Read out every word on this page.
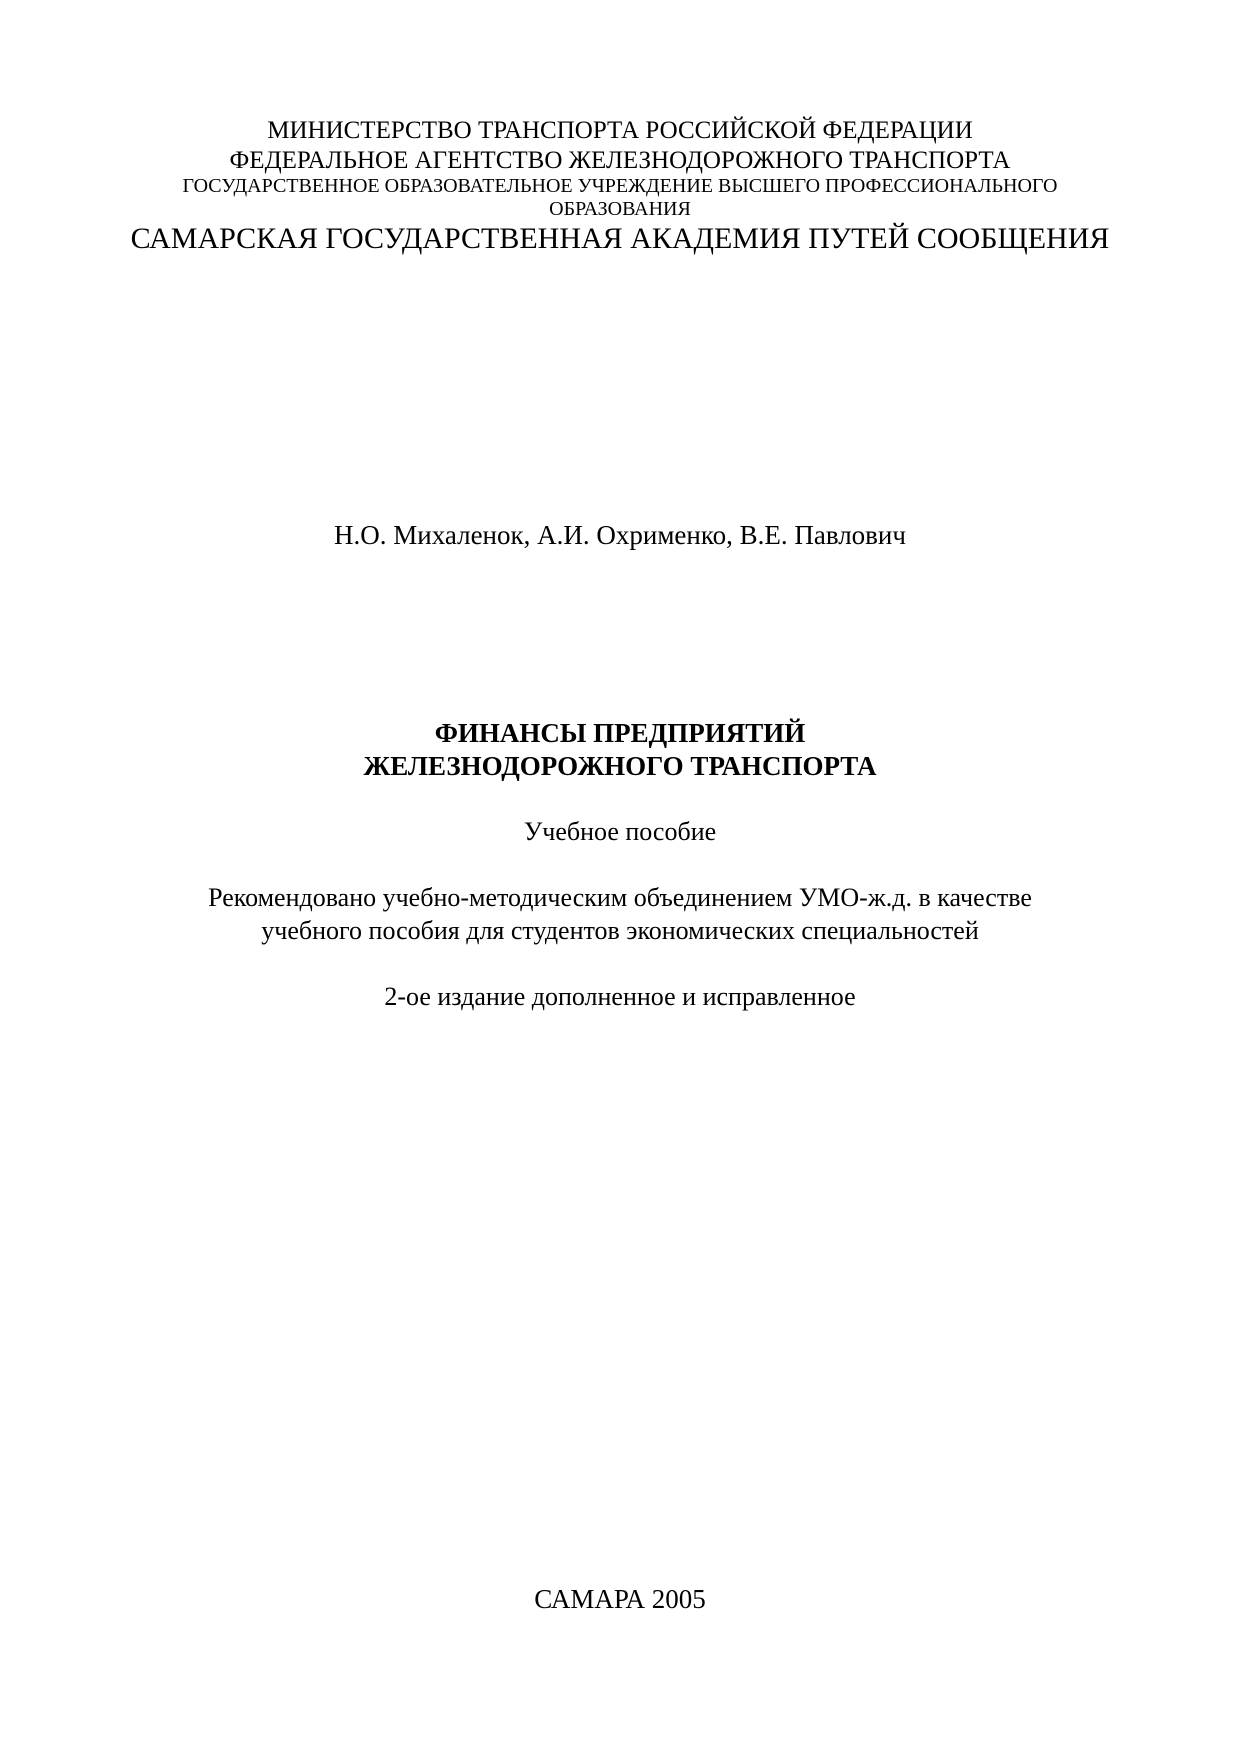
МИНИСТЕРСТВО ТРАНСПОРТА РОССИЙСКОЙ ФЕДЕРАЦИИ
ФЕДЕРАЛЬНОЕ АГЕНТСТВО ЖЕЛЕЗНОДОРОЖНОГО ТРАНСПОРТА
ГОСУДАРСТВЕННОЕ ОБРАЗОВАТЕЛЬНОЕ УЧРЕЖДЕНИЕ ВЫСШЕГО ПРОФЕССИОНАЛЬНОГО
ОБРАЗОВАНИЯ
САМАРСКАЯ ГОСУДАРСТВЕННАЯ АКАДЕМИЯ ПУТЕЙ СООБЩЕНИЯ
Н.О. Михаленок, А.И. Охрименко, В.Е. Павлович
ФИНАНСЫ ПРЕДПРИЯТИЙ
ЖЕЛЕЗНОДОРОЖНОГО ТРАНСПОРТА
Учебное пособие
Рекомендовано учебно-методическим объединением УМО-ж.д. в качестве
учебного пособия для студентов экономических специальностей
2-ое издание дополненное и исправленное
САМАРА 2005
